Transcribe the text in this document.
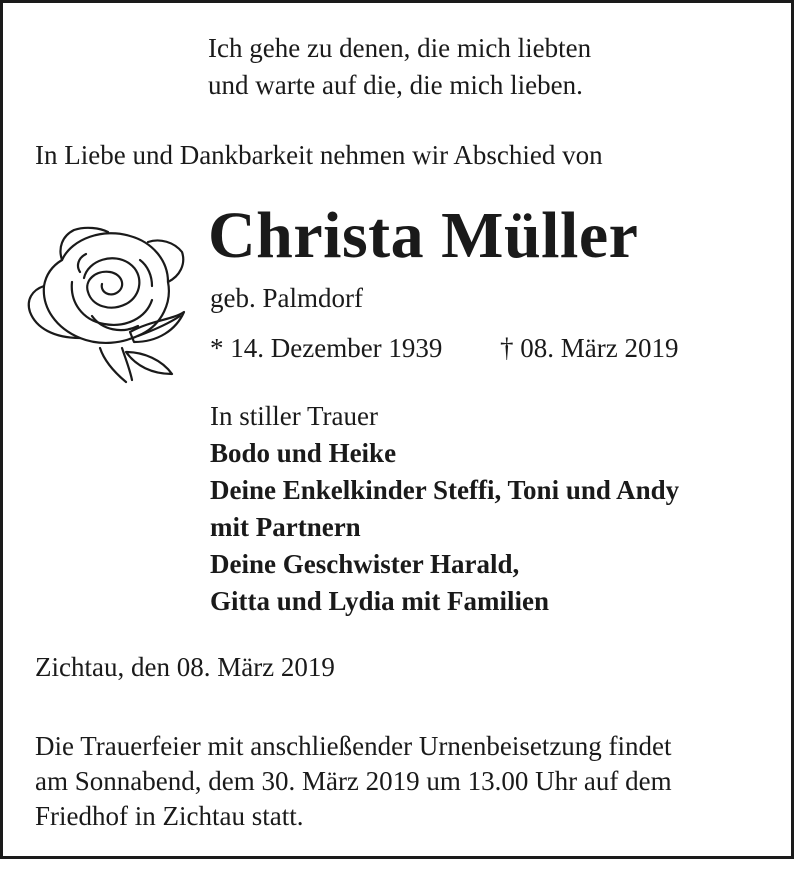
Ich gehe zu denen, die mich liebten
und warte auf die, die mich lieben.
In Liebe und Dankbarkeit nehmen wir Abschied von
Christa Müller
geb. Palmdorf
* 14. Dezember 1939 † 08. März 2019
In stiller Trauer
Bodo und Heike
Deine Enkelkinder Steffi, Toni und Andy
mit Partnern
Deine Geschwister Harald,
Gitta und Lydia mit Familien
Zichtau, den 08. März 2019
Die Trauerfeier mit anschließender Urnenbeisetzung findet
am Sonnabend, dem 30. März 2019 um 13.00 Uhr auf dem
Friedhof in Zichtau statt.
